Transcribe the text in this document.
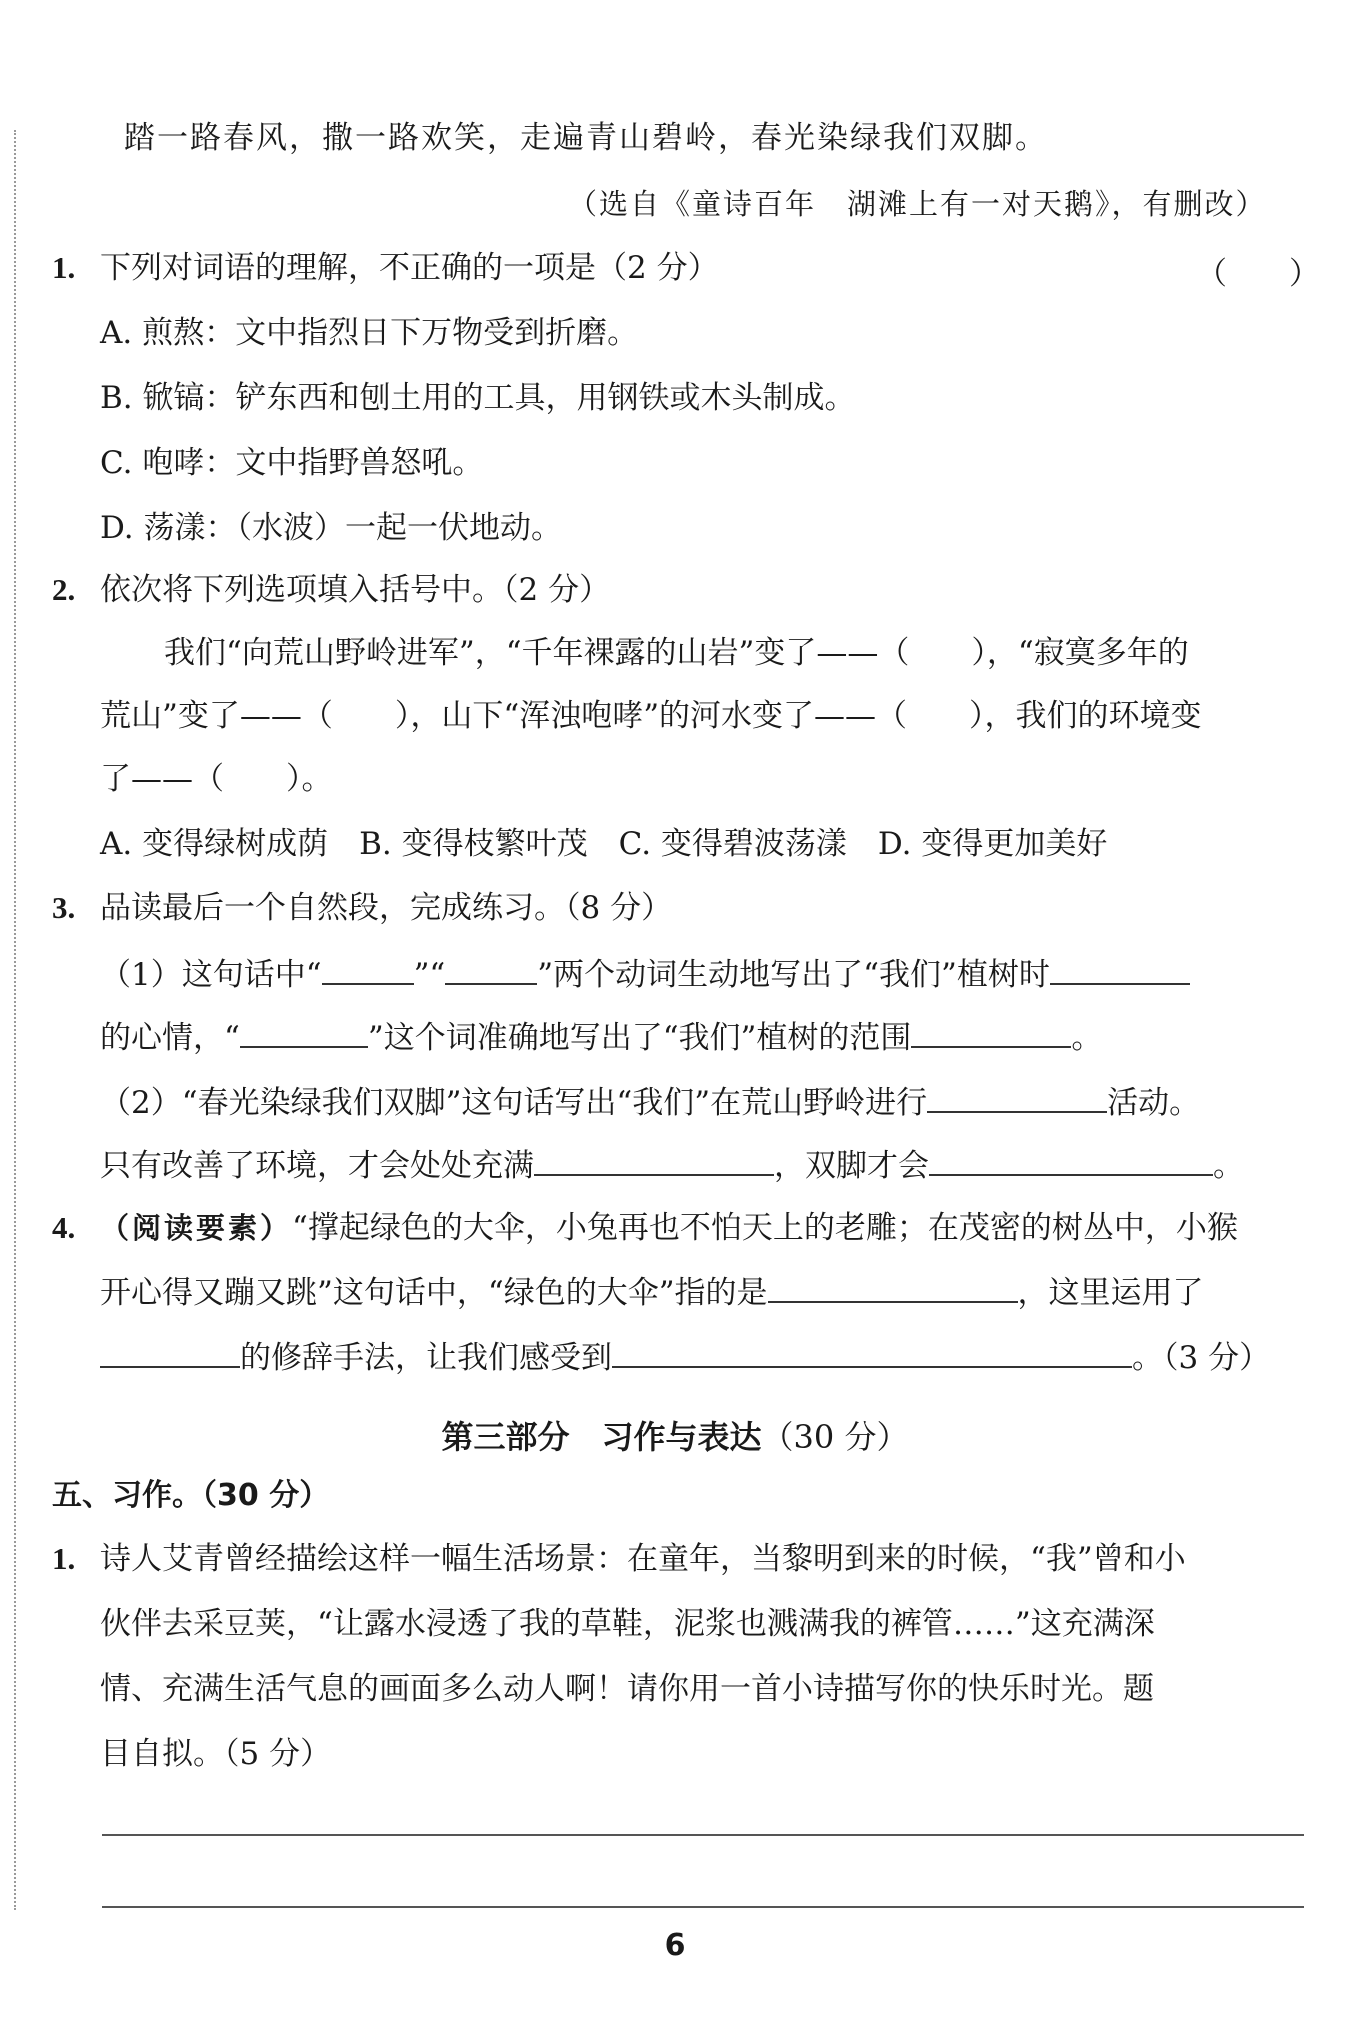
踏一路春风，撒一路欢笑，走遍青山碧岭，春光染绿我们双脚。
（选自《童诗百年　湖滩上有一对天鹅》，有删改）
1. 下列对词语的理解，不正确的一项是（2 分）	（　　）
A. 煎熬：文中指烈日下万物受到折磨。
B. 锨镐：铲东西和刨土用的工具，用钢铁或木头制成。
C. 咆哮：文中指野兽怒吼。
D. 荡漾：（水波）一起一伏地动。
2. 依次将下列选项填入括号中。（2 分）
我们“向荒山野岭进军”，“千年裸露的山岩”变了——（　　），“寂寞多年的
荒山”变了——（　　），山下“浑浊咆哮”的河水变了——（　　），我们的环境变
了——（　　）。
A. 变得绿树成荫　B. 变得枝繁叶茂　C. 变得碧波荡漾　D. 变得更加美好
3. 品读最后一个自然段，完成练习。（8 分）
（1）这句话中“	”“	”两个动词生动地写出了“我们”植树时
的心情，“	”这个词准确地写出了“我们”植树的范围	。
（2）“春光染绿我们双脚”这句话写出“我们”在荒山野岭进行	活动。
只有改善了环境，才会处处充满	，双脚才会	。
4. （阅读要素）“撑起绿色的大伞，小兔再也不怕天上的老雕；在茂密的树丛中，小猴
开心得又蹦又跳”这句话中，“绿色的大伞”指的是	，这里运用了
的修辞手法，让我们感受到	。（3 分）
第三部分　习作与表达（30 分）
五、习作。（30 分）
1. 诗人艾青曾经描绘这样一幅生活场景：在童年，当黎明到来的时候，“我”曾和小
伙伴去采豆荚，“让露水浸透了我的草鞋，泥浆也溅满我的裤管……”这充满深
情、充满生活气息的画面多么动人啊！请你用一首小诗描写你的快乐时光。题
目自拟。（5 分）
6
